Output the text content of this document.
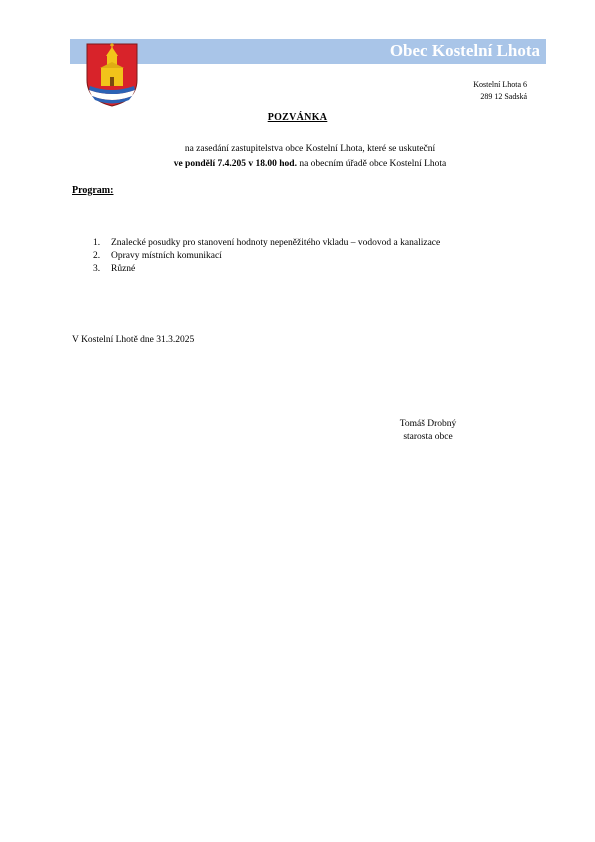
Obec Kostelní Lhota
Kostelní Lhota 6
289 12 Sadská
POZVÁNKA
na zasedání zastupitelstva obce Kostelní Lhota, které se uskuteční
ve pondělí 7.4.205 v 18.00 hod. na obecním úřadě obce Kostelní Lhota
Program:
1. Znalecké posudky pro stanovení hodnoty nepeněžitého vkladu – vodovod a kanalizace
2. Opravy místních komunikací
3. Různé
V Kostelní Lhotě dne 31.3.2025
Tomáš Drobný
starosta obce
